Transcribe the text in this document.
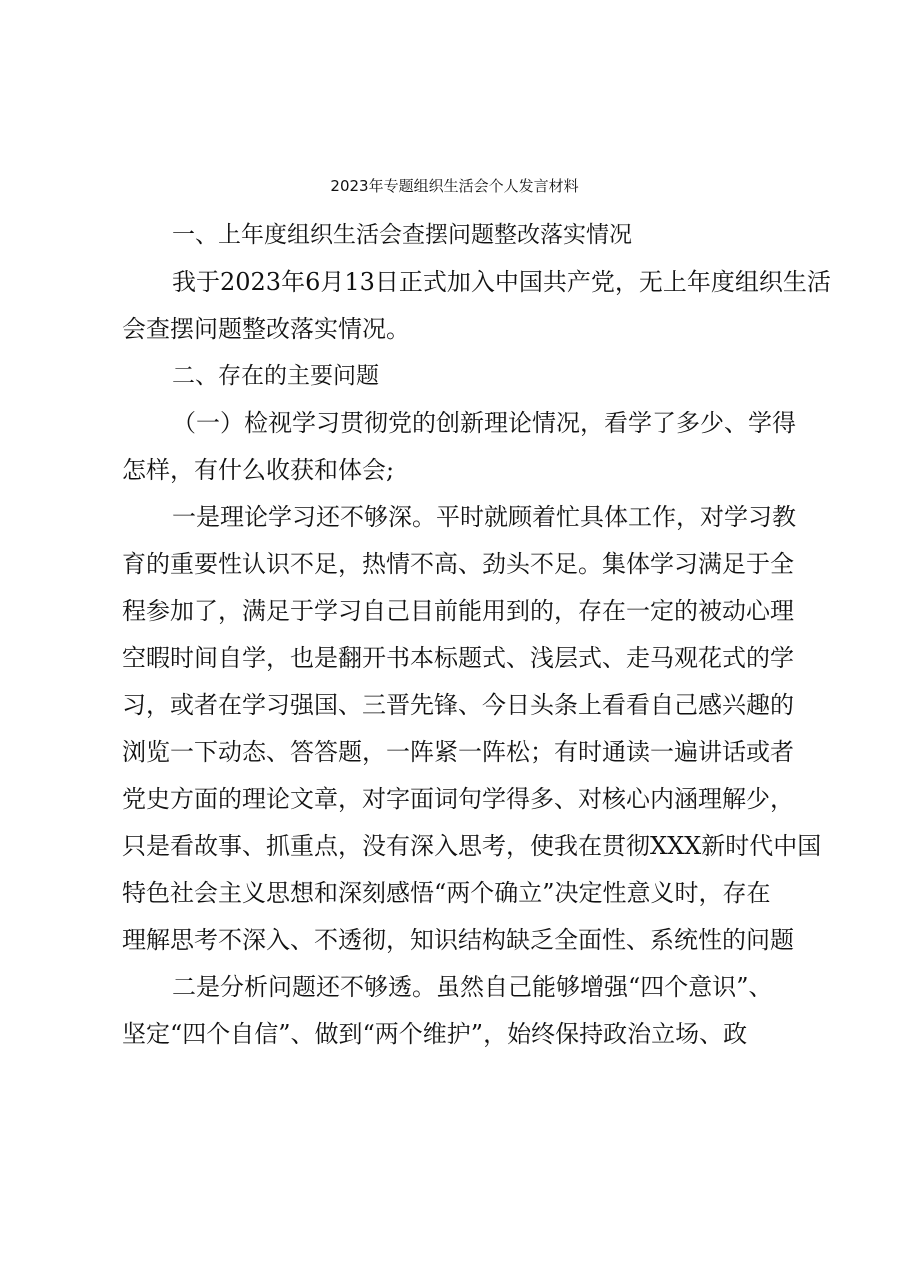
2023年专题组织生活会个人发言材料
一、上年度组织生活会查摆问题整改落实情况
我于2023年6月13日正式加入中国共产党，无上年度组织生活
会查摆问题整改落实情况。
二、存在的主要问题
（一）检视学习贯彻党的创新理论情况，看学了多少、学得
怎样，有什么收获和体会;
一是理论学习还不够深。平时就顾着忙具体工作，对学习教
育的重要性认识不足，热情不高、劲头不足。集体学习满足于全
程参加了，满足于学习自己目前能用到的，存在一定的被动心理
空暇时间自学，也是翻开书本标题式、浅层式、走马观花式的学
习，或者在学习强国、三晋先锋、今日头条上看看自己感兴趣的
浏览一下动态、答答题，一阵紧一阵松；有时通读一遍讲话或者
党史方面的理论文章，对字面词句学得多、对核心内涵理解少，
只是看故事、抓重点，没有深入思考，使我在贯彻XXX新时代中国
特色社会主义思想和深刻感悟“两个确立”决定性意义时，存在
理解思考不深入、不透彻，知识结构缺乏全面性、系统性的问题
二是分析问题还不够透。虽然自己能够增强“四个意识”、
坚定“四个自信”、做到“两个维护”，始终保持政治立场、政
